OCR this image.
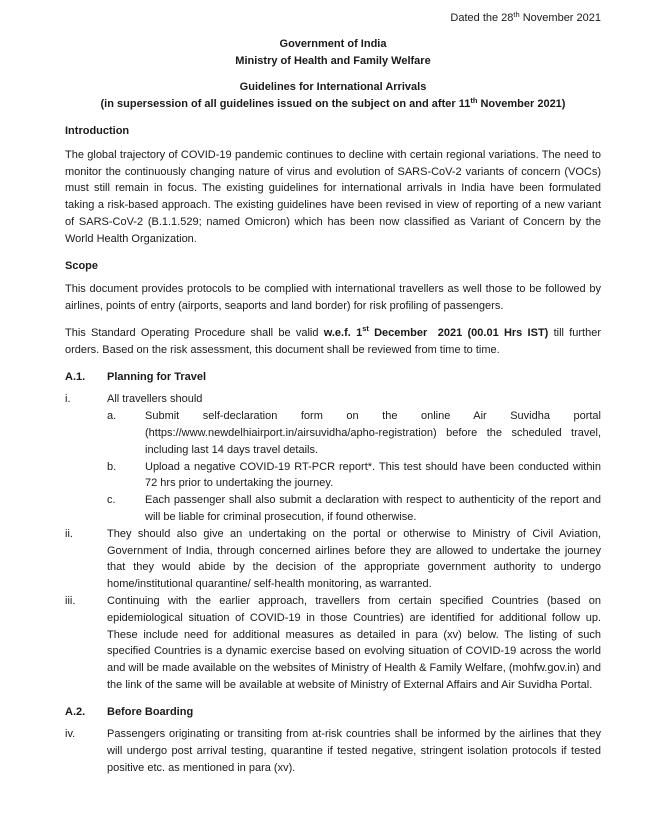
Dated the 28th November 2021
Government of India
Ministry of Health and Family Welfare
Guidelines for International Arrivals
(in supersession of all guidelines issued on the subject on and after 11th November 2021)
Introduction

The global trajectory of COVID-19 pandemic continues to decline with certain regional variations. The need to monitor the continuously changing nature of virus and evolution of SARS-CoV-2 variants of concern (VOCs) must still remain in focus. The existing guidelines for international arrivals in India have been formulated taking a risk-based approach. The existing guidelines have been revised in view of reporting of a new variant of SARS-CoV-2 (B.1.1.529; named Omicron) which has been now classified as Variant of Concern by the World Health Organization.

Scope

This document provides protocols to be complied with international travellers as well those to be followed by airlines, points of entry (airports, seaports and land border) for risk profiling of passengers.

This Standard Operating Procedure shall be valid w.e.f. 1st December  2021 (00.01 Hrs IST) till further orders. Based on the risk assessment, this document shall be reviewed from time to time.

A.1.	Planning for Travel
i.	All travellers should
a.	Submit self-declaration form on the online Air Suvidha portal (https://www.newdelhiairport.in/airsuvidha/apho-registration) before the scheduled travel, including last 14 days travel details.
b.	Upload a negative COVID-19 RT-PCR report*. This test should have been conducted within 72 hrs prior to undertaking the journey.
c.	Each passenger shall also submit a declaration with respect to authenticity of the report and will be liable for criminal prosecution, if found otherwise.
ii.	They should also give an undertaking on the portal or otherwise to Ministry of Civil Aviation, Government of India, through concerned airlines before they are allowed to undertake the journey that they would abide by the decision of the appropriate government authority to undergo home/institutional quarantine/ self-health monitoring, as warranted.
iii.	Continuing with the earlier approach, travellers from certain specified Countries (based on epidemiological situation of COVID-19 in those Countries) are identified for additional follow up. These include need for additional measures as detailed in para (xv) below. The listing of such specified Countries is a dynamic exercise based on evolving situation of COVID-19 across the world and will be made available on the websites of Ministry of Health & Family Welfare, (mohfw.gov.in) and the link of the same will be available at website of Ministry of External Affairs and Air Suvidha Portal.
A.2.	Before Boarding
iv.	Passengers originating or transiting from at-risk countries shall be informed by the airlines that they will undergo post arrival testing, quarantine if tested negative, stringent isolation protocols if tested positive etc. as mentioned in para (xv).
